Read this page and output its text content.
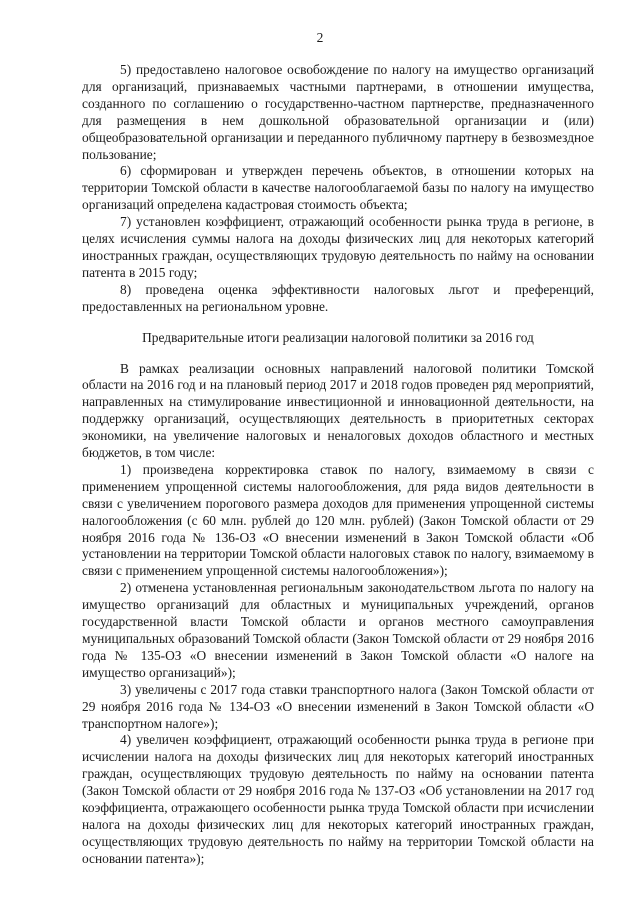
2

5) предоставлено налоговое освобождение по налогу на имущество организаций для организаций, признаваемых частными партнерами, в отношении имущества, созданного по соглашению о государственно-частном партнерстве, предназначенного для размещения в нем дошкольной образовательной организации и (или) общеобразовательной организации и переданного публичному партнеру в безвозмездное пользование;

6) сформирован и утвержден перечень объектов, в отношении которых на территории Томской области в качестве налогооблагаемой базы по налогу на имущество организаций определена кадастровая стоимость объекта;

7) установлен коэффициент, отражающий особенности рынка труда в регионе, в целях исчисления суммы налога на доходы физических лиц для некоторых категорий иностранных граждан, осуществляющих трудовую деятельность по найму на основании патента в 2015 году;

8) проведена оценка эффективности налоговых льгот и преференций, предоставленных на региональном уровне.

Предварительные итоги реализации налоговой политики за 2016 год

В рамках реализации основных направлений налоговой политики Томской области на 2016 год и на плановый период 2017 и 2018 годов проведен ряд мероприятий, направленных на стимулирование инвестиционной и инновационной деятельности, на поддержку организаций, осуществляющих деятельность в приоритетных секторах экономики, на увеличение налоговых и неналоговых доходов областного и местных бюджетов, в том числе:

1) произведена корректировка ставок по налогу, взимаемому в связи с применением упрощенной системы налогообложения, для ряда видов деятельности в связи с увеличением порогового размера доходов для применения упрощенной системы налогообложения (с 60 млн. рублей до 120 млн. рублей) (Закон Томской области от 29 ноября 2016 года № 136-ОЗ «О внесении изменений в Закон Томской области «Об установлении на территории Томской области налоговых ставок по налогу, взимаемому в связи с применением упрощенной системы налогообложения»);

2) отменена установленная региональным законодательством льгота по налогу на имущество организаций для областных и муниципальных учреждений, органов государственной власти Томской области и органов местного самоуправления муниципальных образований Томской области (Закон Томской области от 29 ноября 2016 года № 135-ОЗ «О внесении изменений в Закон Томской области «О налоге на имущество организаций»);

3) увеличены с 2017 года ставки транспортного налога (Закон Томской области от 29 ноября 2016 года № 134-ОЗ «О внесении изменений в Закон Томской области «О транспортном налоге»);

4) увеличен коэффициент, отражающий особенности рынка труда в регионе при исчислении налога на доходы физических лиц для некоторых категорий иностранных граждан, осуществляющих трудовую деятельность по найму на основании патента (Закон Томской области от 29 ноября 2016 года № 137-ОЗ «Об установлении на 2017 год коэффициента, отражающего особенности рынка труда Томской области при исчислении налога на доходы физических лиц для некоторых категорий иностранных граждан, осуществляющих трудовую деятельность по найму на территории Томской области на основании патента»);
